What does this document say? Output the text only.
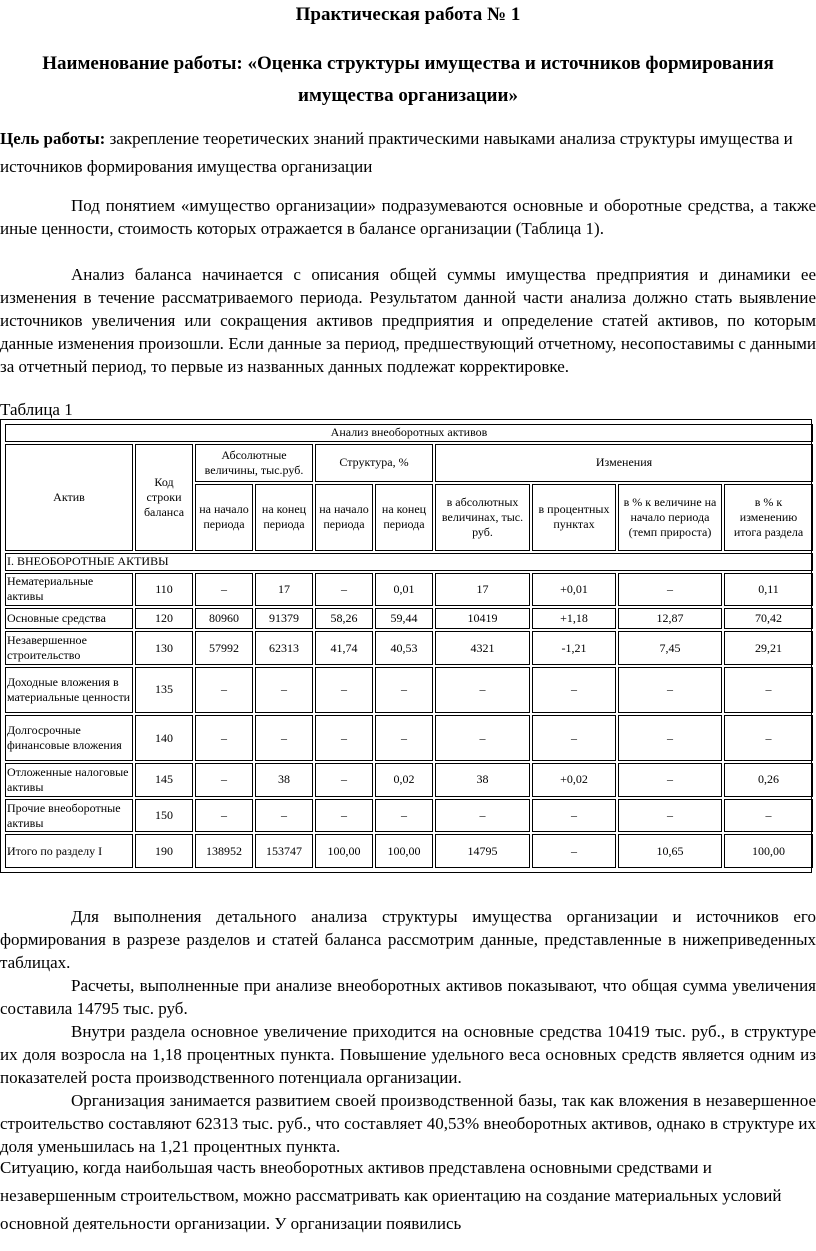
Практическая работа № 1
Наименование работы: «Оценка структуры имущества и источников формирования имущества организации»
Цель работы: закрепление теоретических знаний практическими навыками анализа структуры имущества и источников формирования имущества организации

Под понятием «имущество организации» подразумеваются основные и оборотные средства, а также иные ценности, стоимость которых отражается в балансе организации (Таблица 1).

Анализ баланса начинается с описания общей суммы имущества предприятия и динамики ее изменения в течение рассматриваемого периода. Результатом данной части анализа должно стать выявление источников увеличения или сокращения активов предприятия и определение статей активов, по которым данные изменения произошли. Если данные за период, предшествующий отчетному, несопоставимы с данными за отчетный период, то первые из названных данных подлежат корректировке.

Таблица 1
Анализ внеоборотных активов									
Актив	Код строки баланса	Абсолютные величины, тыс.руб.		Структура, %		Изменения			
		на начало периода	на конец периода	на начало периода	на конец периода	в абсолютных величинах, тыс. руб.	в процентных пунктах	в % к величине на начало периода (темп прироста)	в % к изменению итога раздела
I. ВНЕОБОРОТНЫЕ АКТИВЫ									
Нематериальные активы	110	–	17	–	0,01	17	+0,01	–	0,11
Основные средства	120	80960	91379	58,26	59,44	10419	+1,18	12,87	70,42
Незавершенное строительство	130	57992	62313	41,74	40,53	4321	-1,21	7,45	29,21
Доходные вложения в материальные ценности	135	–	–	–	–	–	–	–	–
Долгосрочные финансовые вложения	140	–	–	–	–	–	–	–	–
Отложенные налоговые активы	145	–	38	–	0,02	38	+0,02	–	0,26
Прочие внеоборотные активы	150	–	–	–	–	–	–	–	–
Итого по разделу I	190	138952	153747	100,00	100,00	14795	–	10,65	100,00

Для выполнения детального анализа структуры имущества организации и источников его формирования в разрезе разделов и статей баланса рассмотрим данные, представленные в нижеприведенных таблицах.

Расчеты, выполненные при анализе внеоборотных активов показывают, что общая сумма увеличения составила 14795 тыс. руб.

Внутри раздела основное увеличение приходится на основные средства 10419 тыс. руб., в структуре их доля возросла на 1,18 процентных пункта. Повышение удельного веса основных средств является одним из показателей роста производственного потенциала организации.

Организация занимается развитием своей производственной базы, так как вложения в незавершенное строительство составляют 62313 тыс. руб., что составляет 40,53% внеоборотных активов, однако в структуре их доля уменьшилась на 1,21 процентных пункта.

Ситуацию, когда наибольшая часть внеоборотных активов представлена основными средствами и незавершенным строительством, можно рассматривать как ориентацию на создание материальных условий основной деятельности организации. У организации появились
